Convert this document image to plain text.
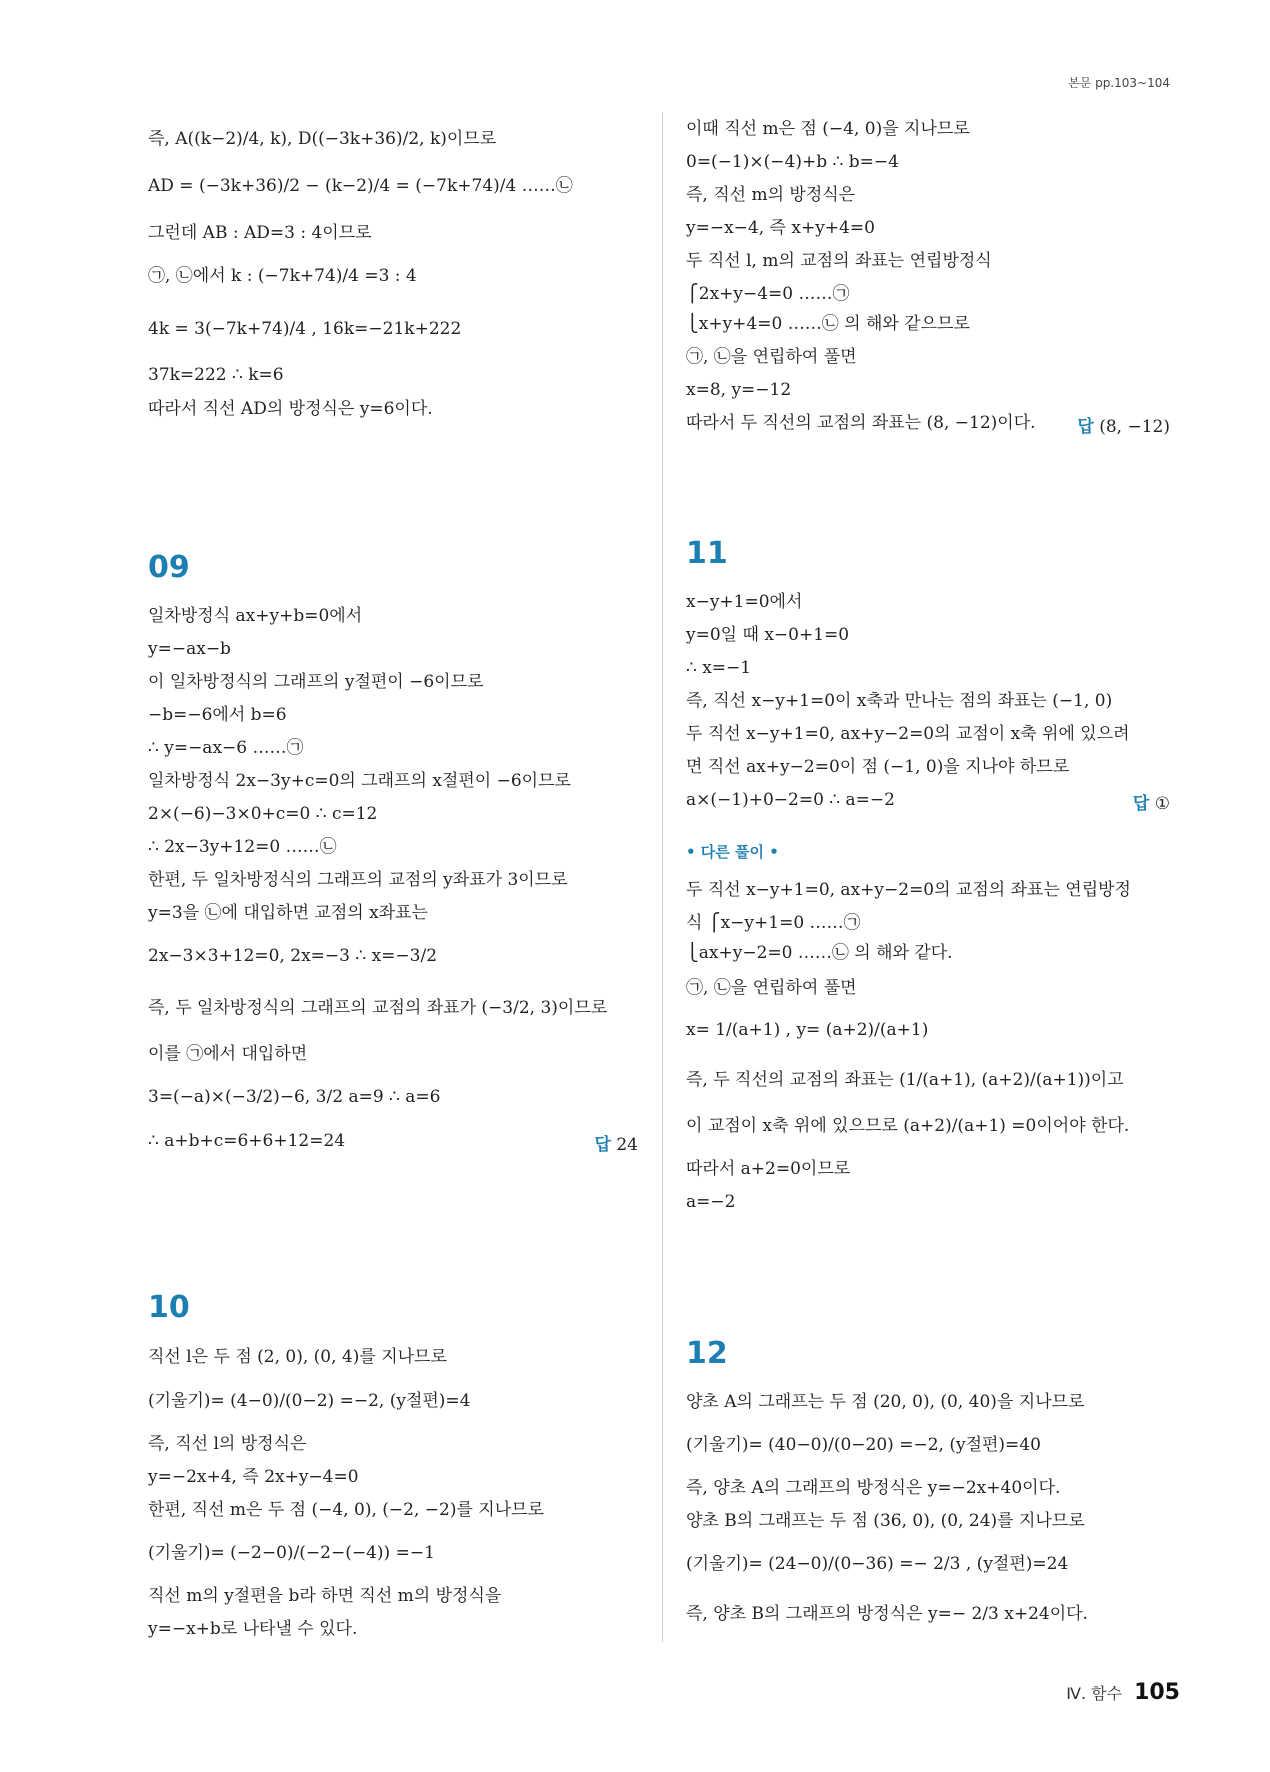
본문 pp.103~104
즉, A((k−2)/4, k), D((−3k+36)/2, k)이므로
AD = (−3k+36)/2 − (k−2)/4 = (−7k+74)/4 ……㉡
그런데 AB : AD=3 : 4이므로
㉠, ㉡에서 k : (−7k+74)/4 =3 : 4
4k = 3(−7k+74)/4 , 16k=−21k+222
37k=222 ∴ k=6
따라서 직선 AD의 방정식은 y=6이다.
이때 직선 m은 점 (−4, 0)을 지나므로
0=(−1)×(−4)+b ∴ b=−4
즉, 직선 m의 방정식은
y=−x−4, 즉 x+y+4=0
두 직선 l, m의 교점의 좌표는 연립방정식
⎧2x+y−4=0 ……㉠
⎩x+y+4=0 ……㉡ 의 해와 같으므로
㉠, ㉡을 연립하여 풀면
x=8, y=−12
따라서 두 직선의 교점의 좌표는 (8, −12)이다. 답 (8, −12)
09
일차방정식 ax+y+b=0에서
y=−ax−b
이 일차방정식의 그래프의 y절편이 −6이므로
−b=−6에서 b=6
∴ y=−ax−6 ……㉠
일차방정식 2x−3y+c=0의 그래프의 x절편이 −6이므로
2×(−6)−3×0+c=0 ∴ c=12
∴ 2x−3y+12=0 ……㉡
한편, 두 일차방정식의 그래프의 교점의 y좌표가 3이므로
y=3을 ㉡에 대입하면 교점의 x좌표는
2x−3×3+12=0, 2x=−3 ∴ x=−3/2
즉, 두 일차방정식의 그래프의 교점의 좌표가 (−3/2, 3)이므로
이를 ㉠에서 대입하면
3=(−a)×(−3/2)−6, 3/2 a=9 ∴ a=6
∴ a+b+c=6+6+12=24	답 24
10
직선 l은 두 점 (2, 0), (0, 4)를 지나므로
(기울기)= (4−0)/(0−2) =−2, (y절편)=4
즉, 직선 l의 방정식은
y=−2x+4, 즉 2x+y−4=0
한편, 직선 m은 두 점 (−4, 0), (−2, −2)를 지나므로
(기울기)= (−2−0)/(−2−(−4)) =−1
직선 m의 y절편을 b라 하면 직선 m의 방정식을
y=−x+b로 나타낼 수 있다.
11
x−y+1=0에서
y=0일 때 x−0+1=0
∴ x=−1
즉, 직선 x−y+1=0이 x축과 만나는 점의 좌표는 (−1, 0)
두 직선 x−y+1=0, ax+y−2=0의 교점이 x축 위에 있으려
면 직선 ax+y−2=0이 점 (−1, 0)을 지나야 하므로
a×(−1)+0−2=0 ∴ a=−2	답 ①
• 다른 풀이 •
두 직선 x−y+1=0, ax+y−2=0의 교점의 좌표는 연립방정
식 ⎧x−y+1=0 ……㉠
⎩ax+y−2=0 ……㉡ 의 해와 같다.
㉠, ㉡을 연립하여 풀면
x= 1/(a+1) , y= (a+2)/(a+1)
즉, 두 직선의 교점의 좌표는 (1/(a+1), (a+2)/(a+1))이고
이 교점이 x축 위에 있으므로 (a+2)/(a+1) =0이어야 한다.
따라서 a+2=0이므로
a=−2
12
양초 A의 그래프는 두 점 (20, 0), (0, 40)을 지나므로
(기울기)= (40−0)/(0−20) =−2, (y절편)=40
즉, 양초 A의 그래프의 방정식은 y=−2x+40이다.
양초 B의 그래프는 두 점 (36, 0), (0, 24)를 지나므로
(기울기)= (24−0)/(0−36) =− 2/3 , (y절편)=24
즉, 양초 B의 그래프의 방정식은 y=− 2/3 x+24이다.
Ⅳ. 함수 105
